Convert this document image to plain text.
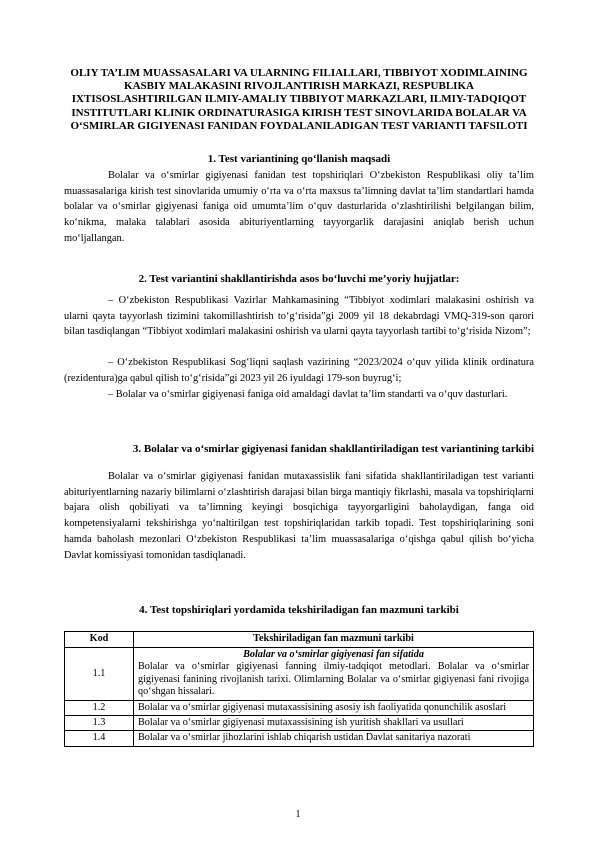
OLIY TA’LIM MUASSASALARI VA ULARNING FILIALLARI, TIBBIYOT XODIMLAINING KASBIY MALAKASINI RIVOJLANTIRISH MARKAZI, RESPUBLIKA IXTISOSLASHTIRILGAN ILMIY-AMALIY TIBBIYOT MARKAZLARI, ILMIY-TADQIQOT INSTITUTLARI KLINIK ORDINATURASIGA KIRISH TEST SINOVLARIDA BOLALAR VA O‘SMIRLAR GIGIYENASI FANIDAN FOYDALANILADIGAN TEST VARIANTI TAFSILOTI
1. Test variantining qo‘llanish maqsadi
Bolalar va o‘smirlar gigiyenasi fanidan test topshiriqlari O‘zbekiston Respublikasi oliy ta’lim muassasalariga kirish test sinovlarida umumiy o‘rta va o‘rta maxsus ta’limning davlat ta’lim standartlari hamda bolalar va o‘smirlar gigiyenasi faniga oid umumta’lim o‘quv dasturlarida o‘zlashtirilishi belgilangan bilim, ko‘nikma, malaka talablari asosida abituriyentlarning tayyorgarlik darajasini aniqlab berish uchun mo‘ljallangan.
2. Test variantini shakllantirishda asos bo‘luvchi me’yoriy hujjatlar:
– O‘zbekiston Respublikasi Vazirlar Mahkamasining “Tibbiyot xodimlari malakasini oshirish va ularni qayta tayyorlash tizimini takomillashtirish to‘g‘risida”gi 2009 yil 18 dekabrdagi VMQ-319-son qarori bilan tasdiqlangan “Tibbiyot xodimlari malakasini oshirish va ularni qayta tayyorlash tartibi to‘g‘risida Nizom”;
– O‘zbekiston Respublikasi Sog‘liqni saqlash vazirining “2023/2024 o‘quv yilida klinik ordinatura (rezidentura)ga qabul qilish to‘g‘risida”gi 2023 yil 26 iyuldagi 179-son buyrug‘i;
– Bolalar va o‘smirlar gigiyenasi faniga oid amaldagi davlat ta’lim standarti va o‘quv dasturlari.
3. Bolalar va o‘smirlar gigiyenasi fanidan shakllantiriladigan test variantining tarkibi
Bolalar va o‘smirlar gigiyenasi fanidan mutaxassislik fani sifatida shakllantiriladigan test varianti abituriyentlarning nazariy bilimlarni o‘zlashtirish darajasi bilan birga mantiqiy fikrlashi, masala va topshiriqlarni bajara olish qobiliyati va ta’limning keyingi bosqichiga tayyorgarligini baholaydigan, fanga oid kompetensiyalarni tekshirishga yo‘naltirilgan test topshiriqlaridan tarkib topadi. Test topshiriqlarining soni hamda baholash mezonlari O‘zbekiston Respublikasi ta’lim muassasalariga o‘qishga qabul qilish bo‘yicha Davlat komissiyasi tomonidan tasdiqlanadi.
4. Test topshiriqlari yordamida tekshiriladigan fan mazmuni tarkibi
Kod	Tekshiriladigan fan mazmuni tarkibi
1.1	Bolalar va o‘smirlar gigiyenasi fan sifatida
Bolalar va o‘smirlar gigiyenasi fanning ilmiy-tadqiqot metodlari. Bolalar va o‘smirlar gigiyenasi fanining rivojlanish tarixi. Olimlarning Bolalar va o‘smirlar gigiyenasi fani rivojiga qo‘shgan hissalari.
1.2	Bolalar va o‘smirlar gigiyenasi mutaxassisining asosiy ish faoliyatida qonunchilik asoslari
1.3	Bolalar va o‘smirlar gigiyenasi mutaxassisining ish yuritish shakllari va usullari
1.4	Bolalar va o‘smirlar jihozlarini ishlab chiqarish ustidan Davlat sanitariya nazorati
1
